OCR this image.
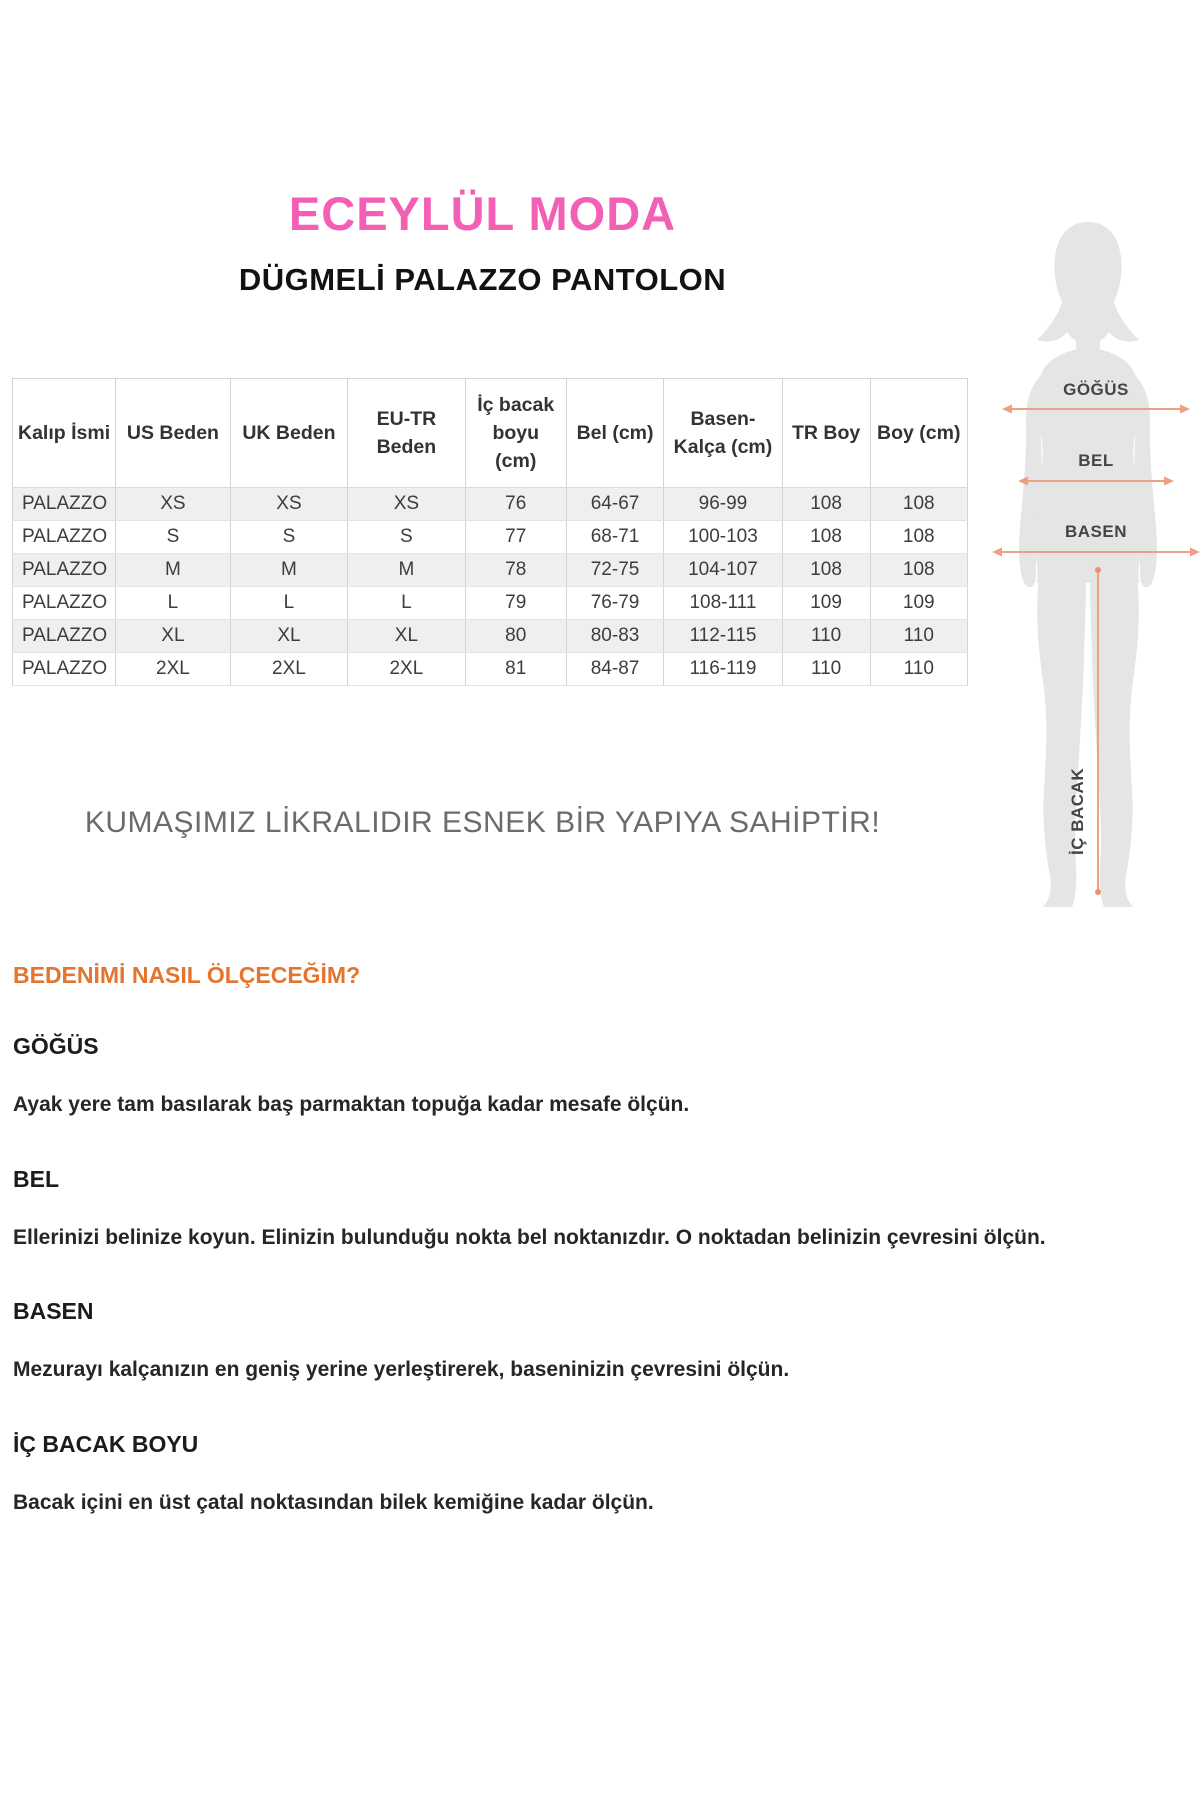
ECEYLÜL MODA
DÜGMELİ PALAZZO PANTOLON
Kalıp İsmi	US Beden	UK Beden	EU-TR Beden	İç bacak boyu (cm)	Bel (cm)	Basen-Kalça (cm)	TR Boy	Boy (cm)
PALAZZO	XS	XS	XS	76	64-67	96-99	108	108
PALAZZO	S	S	S	77	68-71	100-103	108	108
PALAZZO	M	M	M	78	72-75	104-107	108	108
PALAZZO	L	L	L	79	76-79	108-111	109	109
PALAZZO	XL	XL	XL	80	80-83	112-115	110	110
PALAZZO	2XL	2XL	2XL	81	84-87	116-119	110	110
KUMAŞIMIZ LİKRALIDIR ESNEK BİR YAPIYA SAHİPTİR!

BEDENİMİ NASIL ÖLÇECEĞİM?

GÖĞÜS

Ayak yere tam basılarak baş parmaktan topuğa kadar mesafe ölçün.

BEL

Ellerinizi belinize koyun. Elinizin bulunduğu nokta bel noktanızdır. O noktadan belinizin çevresini ölçün.

BASEN

Mezurayı kalçanızın en geniş yerine yerleştirerek, baseninizin çevresini ölçün.

İÇ BACAK BOYU

Bacak içini en üst çatal noktasından bilek kemiğine kadar ölçün.

GÖĞÜS
BEL
BASEN
İÇ BACAK
